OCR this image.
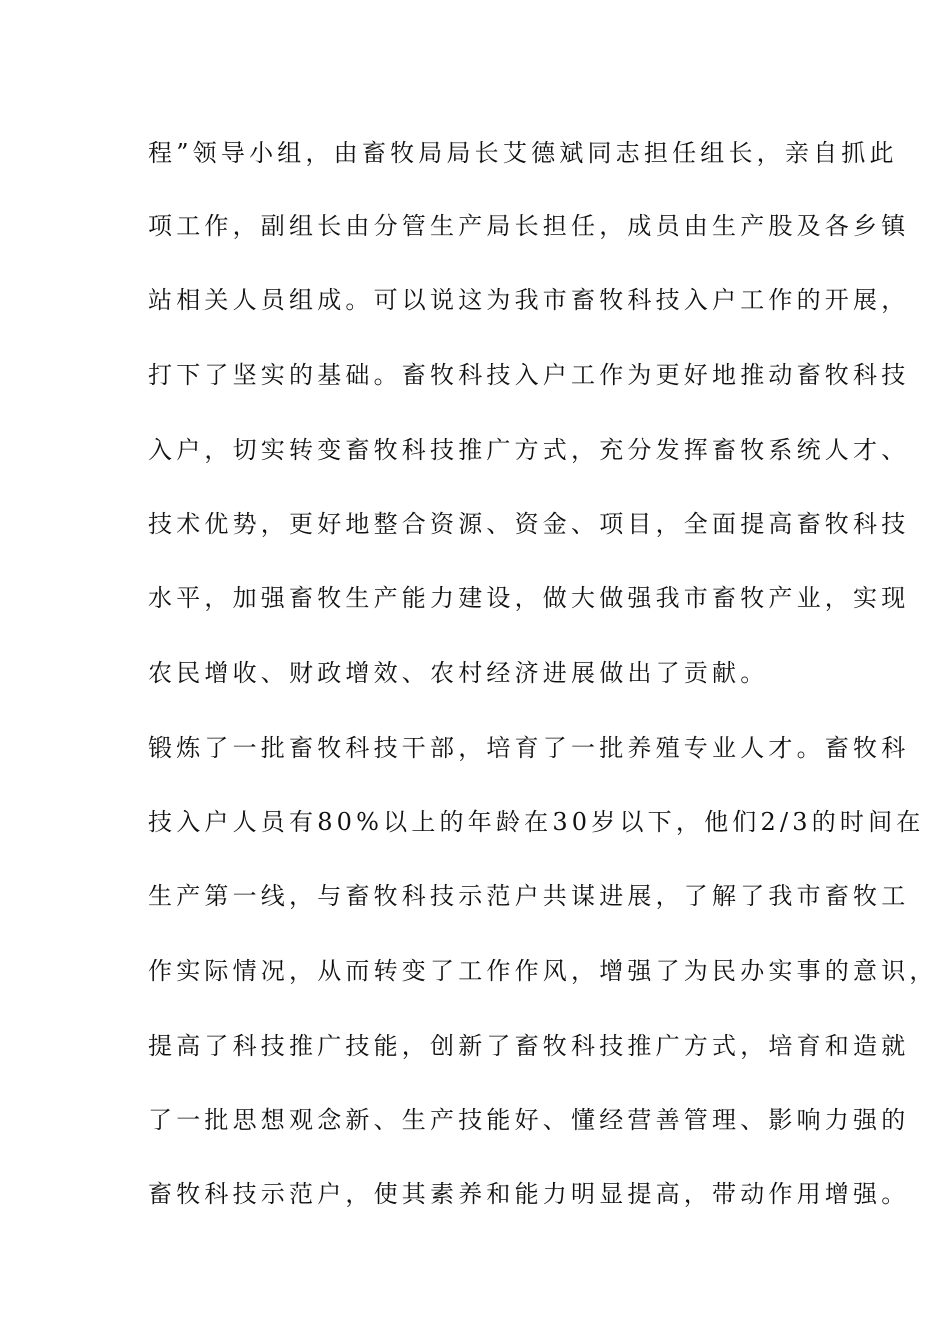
程”领导小组，由畜牧局局长艾德斌同志担任组长，亲自抓此
项工作，副组长由分管生产局长担任，成员由生产股及各乡镇
站相关人员组成。可以说这为我市畜牧科技入户工作的开展，
打下了坚实的基础。畜牧科技入户工作为更好地推动畜牧科技
入户，切实转变畜牧科技推广方式，充分发挥畜牧系统人才、
技术优势，更好地整合资源、资金、项目，全面提高畜牧科技
水平，加强畜牧生产能力建设，做大做强我市畜牧产业，实现
农民增收、财政增效、农村经济进展做出了贡献。
锻炼了一批畜牧科技干部，培育了一批养殖专业人才。畜牧科
技入户人员有80%以上的年龄在30岁以下，他们2/3的时间在
生产第一线，与畜牧科技示范户共谋进展，了解了我市畜牧工
作实际情况，从而转变了工作作风，增强了为民办实事的意识，
提高了科技推广技能，创新了畜牧科技推广方式，培育和造就
了一批思想观念新、生产技能好、懂经营善管理、影响力强的
畜牧科技示范户，使其素养和能力明显提高，带动作用增强。
